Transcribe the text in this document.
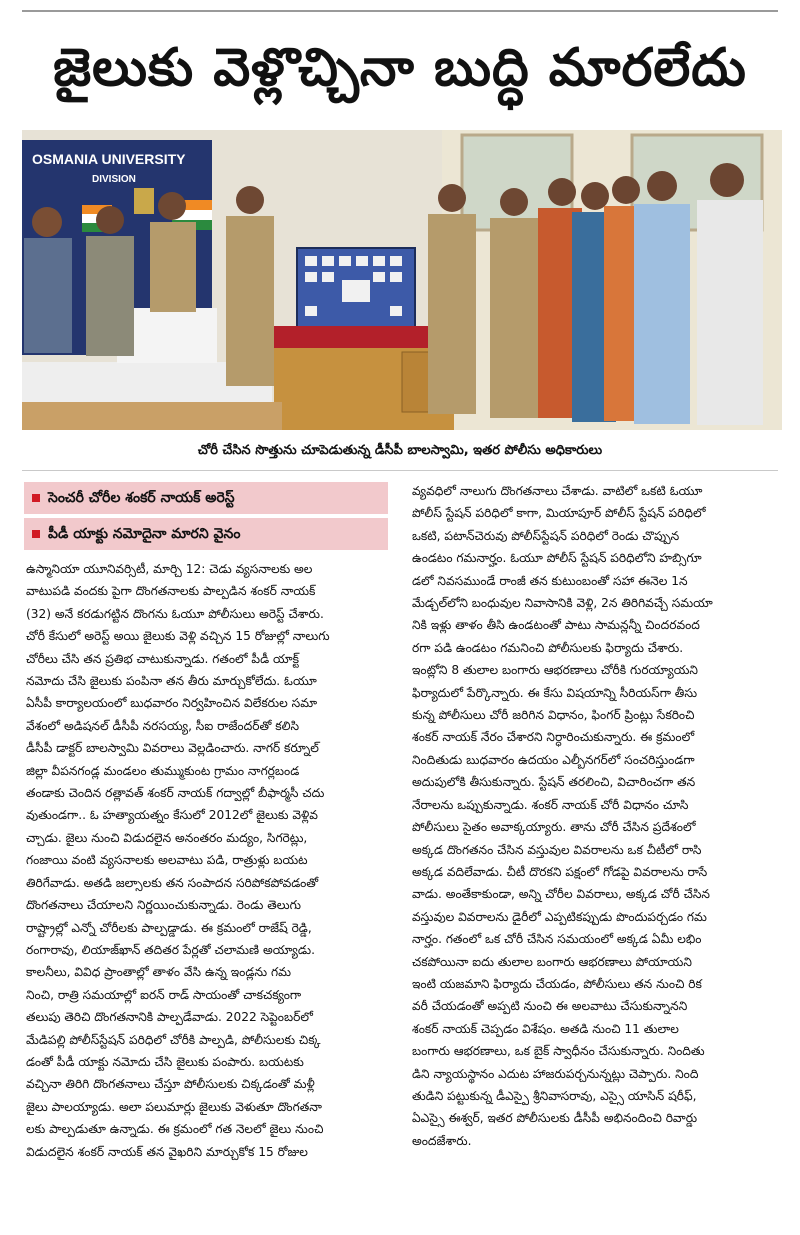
జైలుకు వెళ్లొచ్చినా బుద్ధి మారలేదు
OSMANIA UNIVERSITY
DIVISION
చోరీ చేసిన సొత్తును చూపెడుతున్న డీసీపీ బాలస్వామి, ఇతర పోలీసు అధికారులు
సెంచరీ చోరీల శంకర్ నాయక్ అరెస్ట్
పీడీ యాక్టు నమోదైనా మారని వైనం
ఉస్మానియా యూనివర్సిటీ, మార్చి 12: చెడు వ్యసనాలకు అల
వాటుపడి వందకు పైగా దొంగతనాలకు పాల్పడిన శంకర్ నాయక్
(32) అనే కరడుగట్టిన దొంగను ఓయూ పోలీసులు అరెస్ట్ చేశారు.
చోరీ కేసులో అరెస్ట్ అయి జైలుకు వెళ్లి వచ్చిన 15 రోజుల్లో నాలుగు
చోరీలు చేసి తన ప్రతిభ చాటుకున్నాడు. గతంలో పీడీ యాక్ట్
నమోదు చేసి జైలుకు పంపినా తన తీరు మార్చుకోలేదు. ఓయూ
ఏసీపీ కార్యాలయంలో బుధవారం నిర్వహించిన విలేకరుల సమా
వేశంలో అడిషనల్ డీసీపీ నరసయ్య, సీఐ రాజేందర్‌తో కలిసి
డీసీపీ డాక్టర్ బాలస్వామి వివరాలు వెల్లడించారు. నాగర్ కర్నూల్
జిల్లా వీపనగండ్ల మండలం తుమ్ముకుంట గ్రామం నాగర్లబండ
తండాకు చెందిన రత్లావత్ శంకర్ నాయక్ గద్వాల్లో బీఫార్మసీ చదు
వుతుండగా.. ఓ హత్యాయత్నం కేసులో 2012లో జైలుకు వెళ్లివ
చ్చాడు. జైలు నుంచి విడుదలైన అనంతరం మద్యం, సిగరెట్లు,
గంజాయి వంటి వ్యసనాలకు అలవాటు పడి, రాత్రుళ్లు బయట
తిరిగేవాడు. అతడి జల్సాలకు తన సంపాదన సరిపోకపోవడంతో
దొంగతనాలు చేయాలని నిర్ణయించుకున్నాడు. రెండు తెలుగు
రాష్ట్రాల్లో ఎన్నో చోరీలకు పాల్పడ్డాడు. ఈ క్రమంలో రాజేష్ రెడ్డి,
రంగారావు, లియాజ్‌ఖాన్ తదితర పేర్లతో చలామణి అయ్యాడు.
కాలనీలు, వివిధ ప్రాంతాల్లో తాళం వేసి ఉన్న ఇండ్లను గమ
నించి, రాత్రి సమయాల్లో ఐరన్ రాడ్ సాయంతో చాకచక్యంగా
తలుపు తెరిచి దొంగతనానికి పాల్పడేవాడు. 2022 సెప్టెంబర్‌లో
మేడిపల్లి పోలీస్‌స్టేషన్ పరిధిలో చోరీకి పాల్పడి, పోలీసులకు చిక్క
డంతో పీడీ యాక్టు నమోదు చేసి జైలుకు పంపారు. బయటకు
వచ్చినా తిరిగి దొంగతనాలు చేస్తూ పోలీసులకు చిక్కడంతో మళ్లీ
జైలు పాలయ్యాడు. అలా పలుమార్లు జైలుకు వెళుతూ దొంగతనా
లకు పాల్పడుతూ ఉన్నాడు. ఈ క్రమంలో గత నెలలో జైలు నుంచి
విడుదలైన శంకర్ నాయక్ తన వైఖరిని మార్చుకోక 15 రోజుల
వ్యవధిలో నాలుగు దొంగతనాలు చేశాడు. వాటిలో ఒకటి ఓయూ
పోలీస్ స్టేషన్ పరిధిలో కాగా, మియాపూర్ పోలీస్ స్టేషన్ పరిధిలో
ఒకటి, పటాన్‌చెరువు పోలీస్‌స్టేషన్ పరిధిలో రెండు చొప్పున
ఉండటం గమనార్హం. ఓయూ పోలీస్ స్టేషన్ పరిధిలోని హబ్సిగూ
డలో నివసముండే రాంజీ తన కుటుంబంతో సహా ఈనెల 1న
మేడ్చల్‌లోని బంధువుల నివాసానికి వెళ్లి, 2న తిరిగివచ్చే సమయా
నికి ఇళ్లు తాళం తీసి ఉండటంతో పాటు సామన్లన్నీ చిందరవంద
రగా పడి ఉండటం గమనించి పోలీసులకు ఫిర్యాదు చేశారు.
ఇంట్లోని 8 తులాల బంగారు ఆభరణాలు చోరీకి గురయ్యాయని
ఫిర్యాదులో పేర్కొన్నారు. ఈ కేసు విషయాన్ని సీరియస్‌గా తీసు
కున్న పోలీసులు చోరీ జరిగిన విధానం, ఫింగర్ ప్రింట్లు సేకరించి
శంకర్ నాయక్ నేరం చేశారని నిర్ధారించుకున్నారు. ఈ క్రమంలో
నిందితుడు బుధవారం ఉదయం ఎల్బీనగర్‌లో సంచరిస్తుండగా
అదుపులోకి తీసుకున్నారు. స్టేషన్ తరలించి, విచారించగా తన
నేరాలను ఒప్పుకున్నాడు. శంకర్ నాయక్ చోరీ విధానం చూసి
పోలీసులు సైతం అవాక్కయ్యారు. తాను చోరీ చేసిన ప్రదేశంలో
అక్కడ దొంగతనం చేసిన వస్తువుల వివరాలను ఒక చీటీలో రాసి
అక్కడ వదిలేవాడు. చీటీ దొరకని పక్షంలో గోడపై వివరాలను రాసే
వాడు. అంతేకాకుండా, అన్ని చోరీల వివరాలు, అక్కడ చోరీ చేసిన
వస్తువుల వివరాలను డైరీలో ఎప్పటికప్పుడు పొందుపర్చడం గమ
నార్హం. గతంలో ఒక చోరీ చేసిన సమయంలో అక్కడ ఏమీ లభిం
చకపోయినా ఐదు తులాల బంగారు ఆభరణాలు పోయాయని
ఇంటి యజమాని ఫిర్యాదు చేయడం, పోలీసులు తన నుంచి రిక
వరీ చేయడంతో అప్పటి నుంచి ఈ అలవాటు చేసుకున్నానని
శంకర్ నాయక్ చెప్పడం విశేషం. అతడి నుంచి 11 తులాల
బంగారు ఆభరణాలు, ఒక బైక్ స్వాధీనం చేసుకున్నారు. నిందితు
డిని న్యాయస్థానం ఎదుట హాజరుపర్చనున్నట్లు చెప్పారు. నింది
తుడిని పట్టుకున్న డీఎస్పై శ్రీనివాసరావు, ఎస్సై యాసిన్ షరీఫ్,
ఏఎస్సై ఈశ్వర్, ఇతర పోలీసులకు డీసీపీ అభినందించి రివార్డు
అందజేశారు.
